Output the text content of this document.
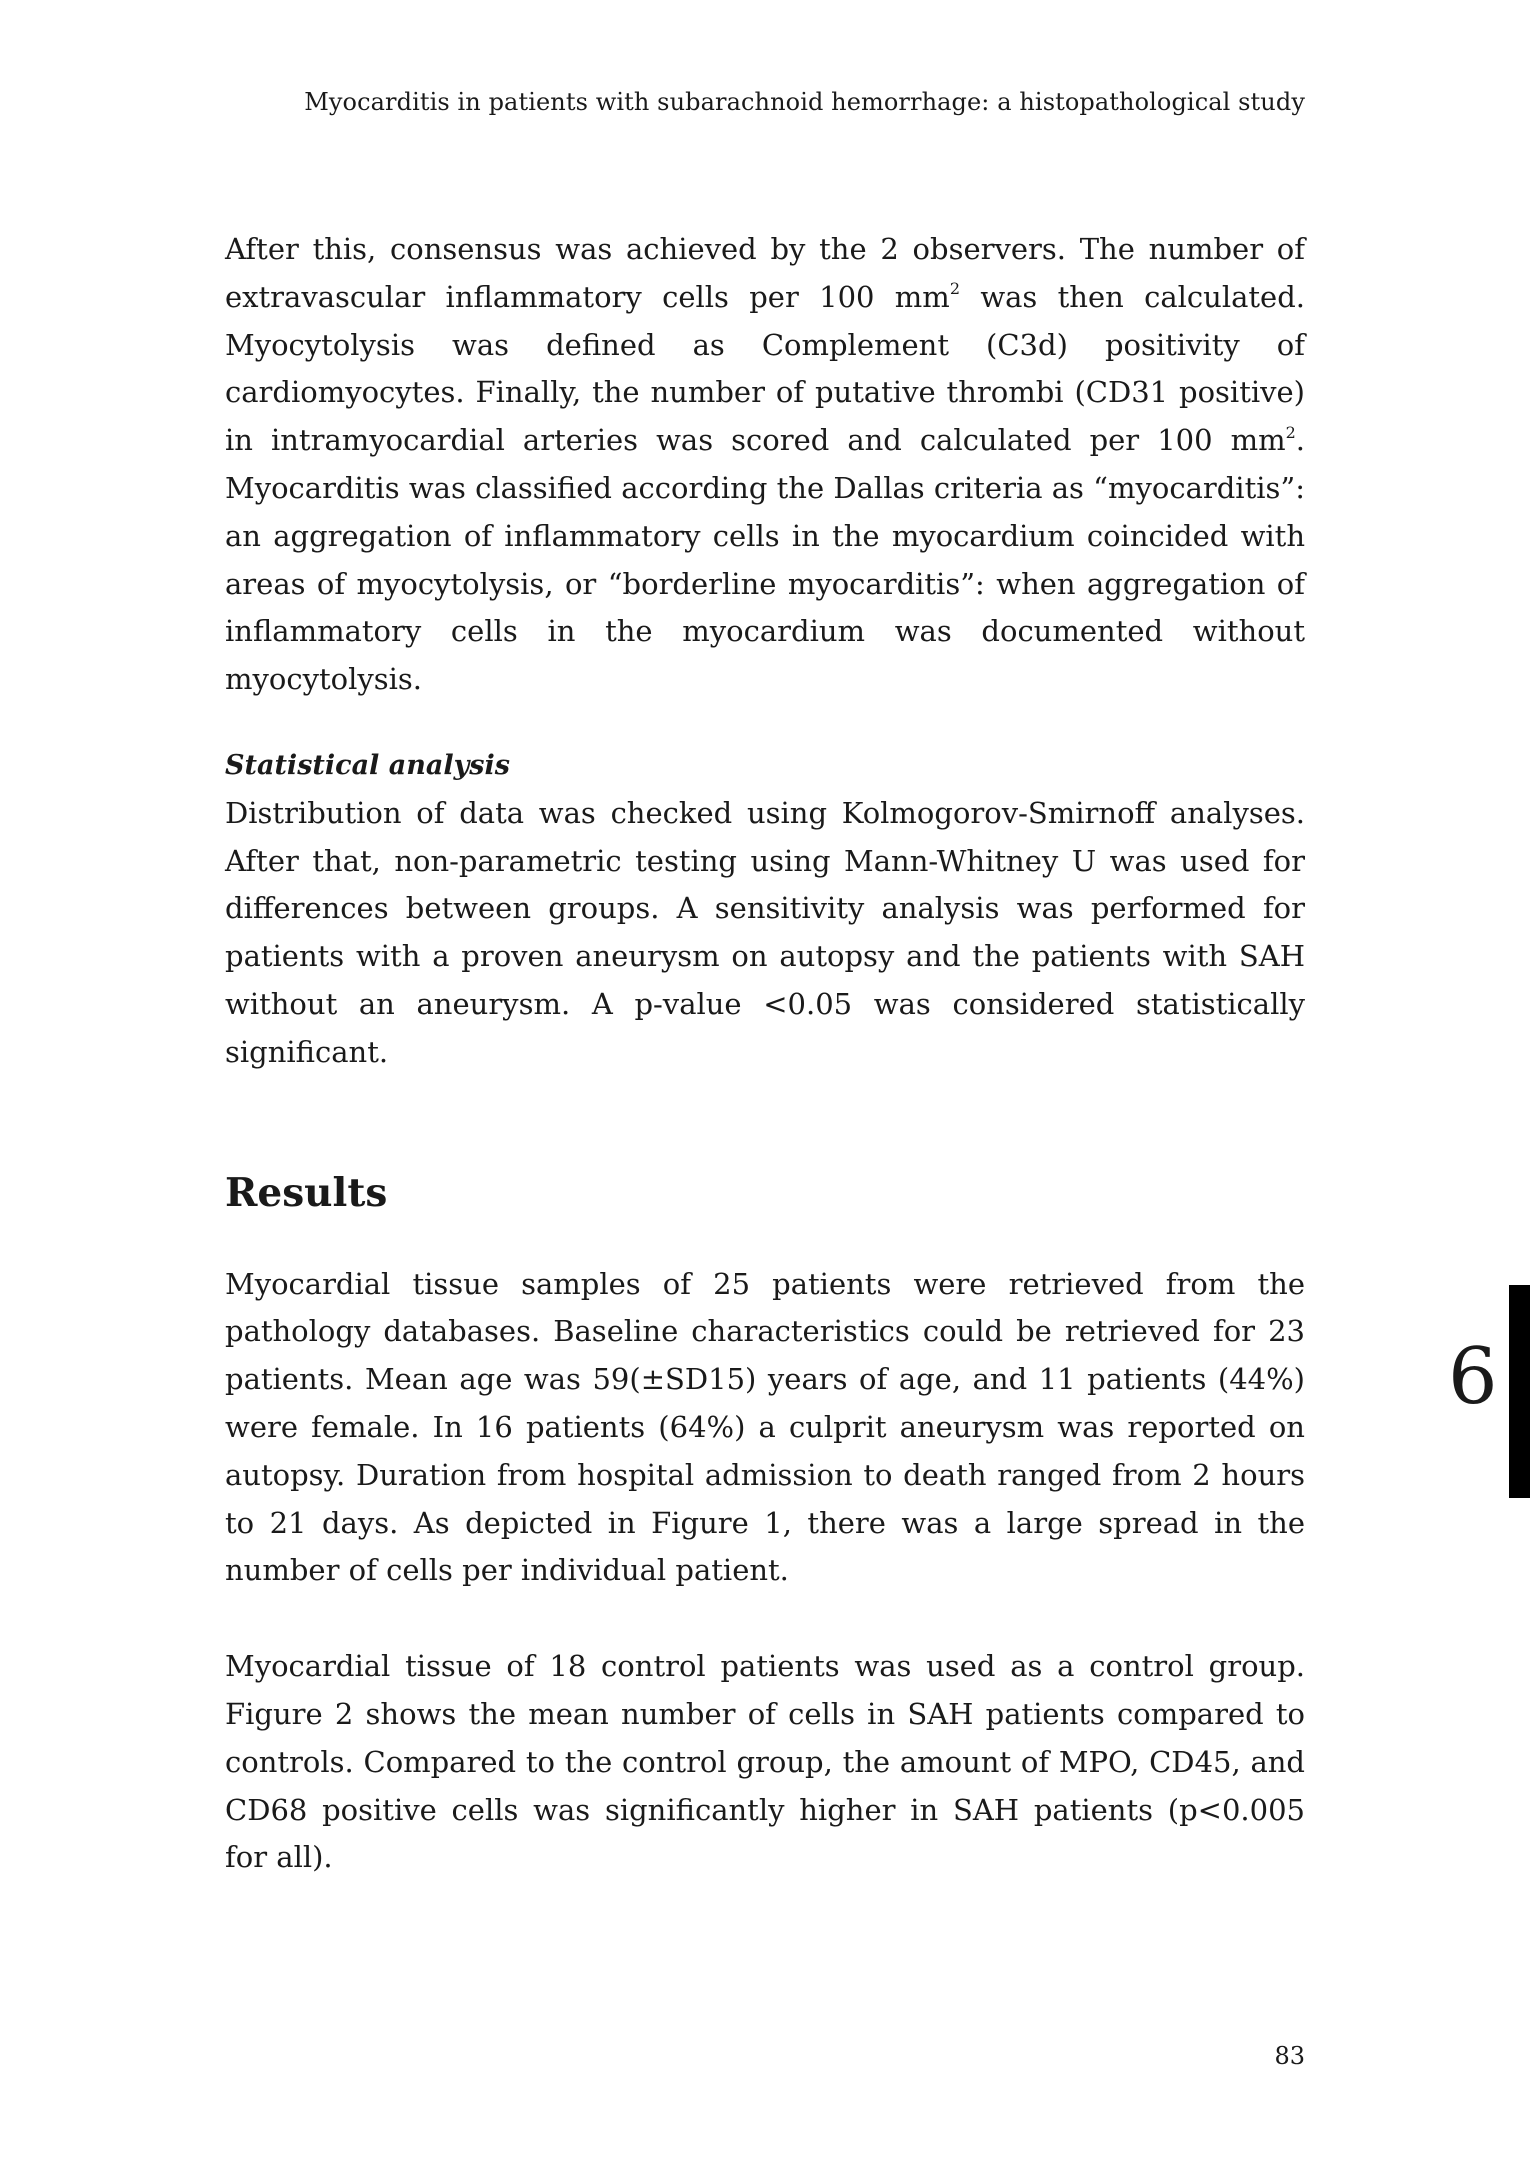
Myocarditis in patients with subarachnoid hemorrhage: a histopathological study

After this, consensus was achieved by the 2 observers. The number of extravascular inflammatory cells per 100 $mm^2$ was then calculated. Myocytolysis was defined as Complement (C3d) positivity of cardiomyocytes. Finally, the number of putative thrombi (CD31 positive) in intramyocardial arteries was scored and calculated per 100 $mm^2$. Myocarditis was classified according the Dallas criteria as “myocarditis”: an aggregation of inflammatory cells in the myocardium coincided with areas of myocytolysis, or “borderline myocarditis”: when aggregation of inflammatory cells in the myocardium was documented without myocytolysis.

Statistical analysis

Distribution of data was checked using Kolmogorov-Smirnoff analyses. After that, non-parametric testing using Mann-Whitney U was used for differences between groups. A sensitivity analysis was performed for patients with a proven aneurysm on autopsy and the patients with SAH without an aneurysm. A p-value <0.05 was considered statistically significant.

Results

Myocardial tissue samples of 25 patients were retrieved from the pathology databases. Baseline characteristics could be retrieved for 23 patients. Mean age was 59(±SD15) years of age, and 11 patients (44%) were female. In 16 patients (64%) a culprit aneurysm was reported on autopsy. Duration from hospital admission to death ranged from 2 hours to 21 days. As depicted in Figure 1, there was a large spread in the number of cells per individual patient.

Myocardial tissue of 18 control patients was used as a control group. Figure 2 shows the mean number of cells in SAH patients compared to controls. Compared to the control group, the amount of MPO, CD45, and CD68 positive cells was significantly higher in SAH patients (p<0.005 for all).

6
83
